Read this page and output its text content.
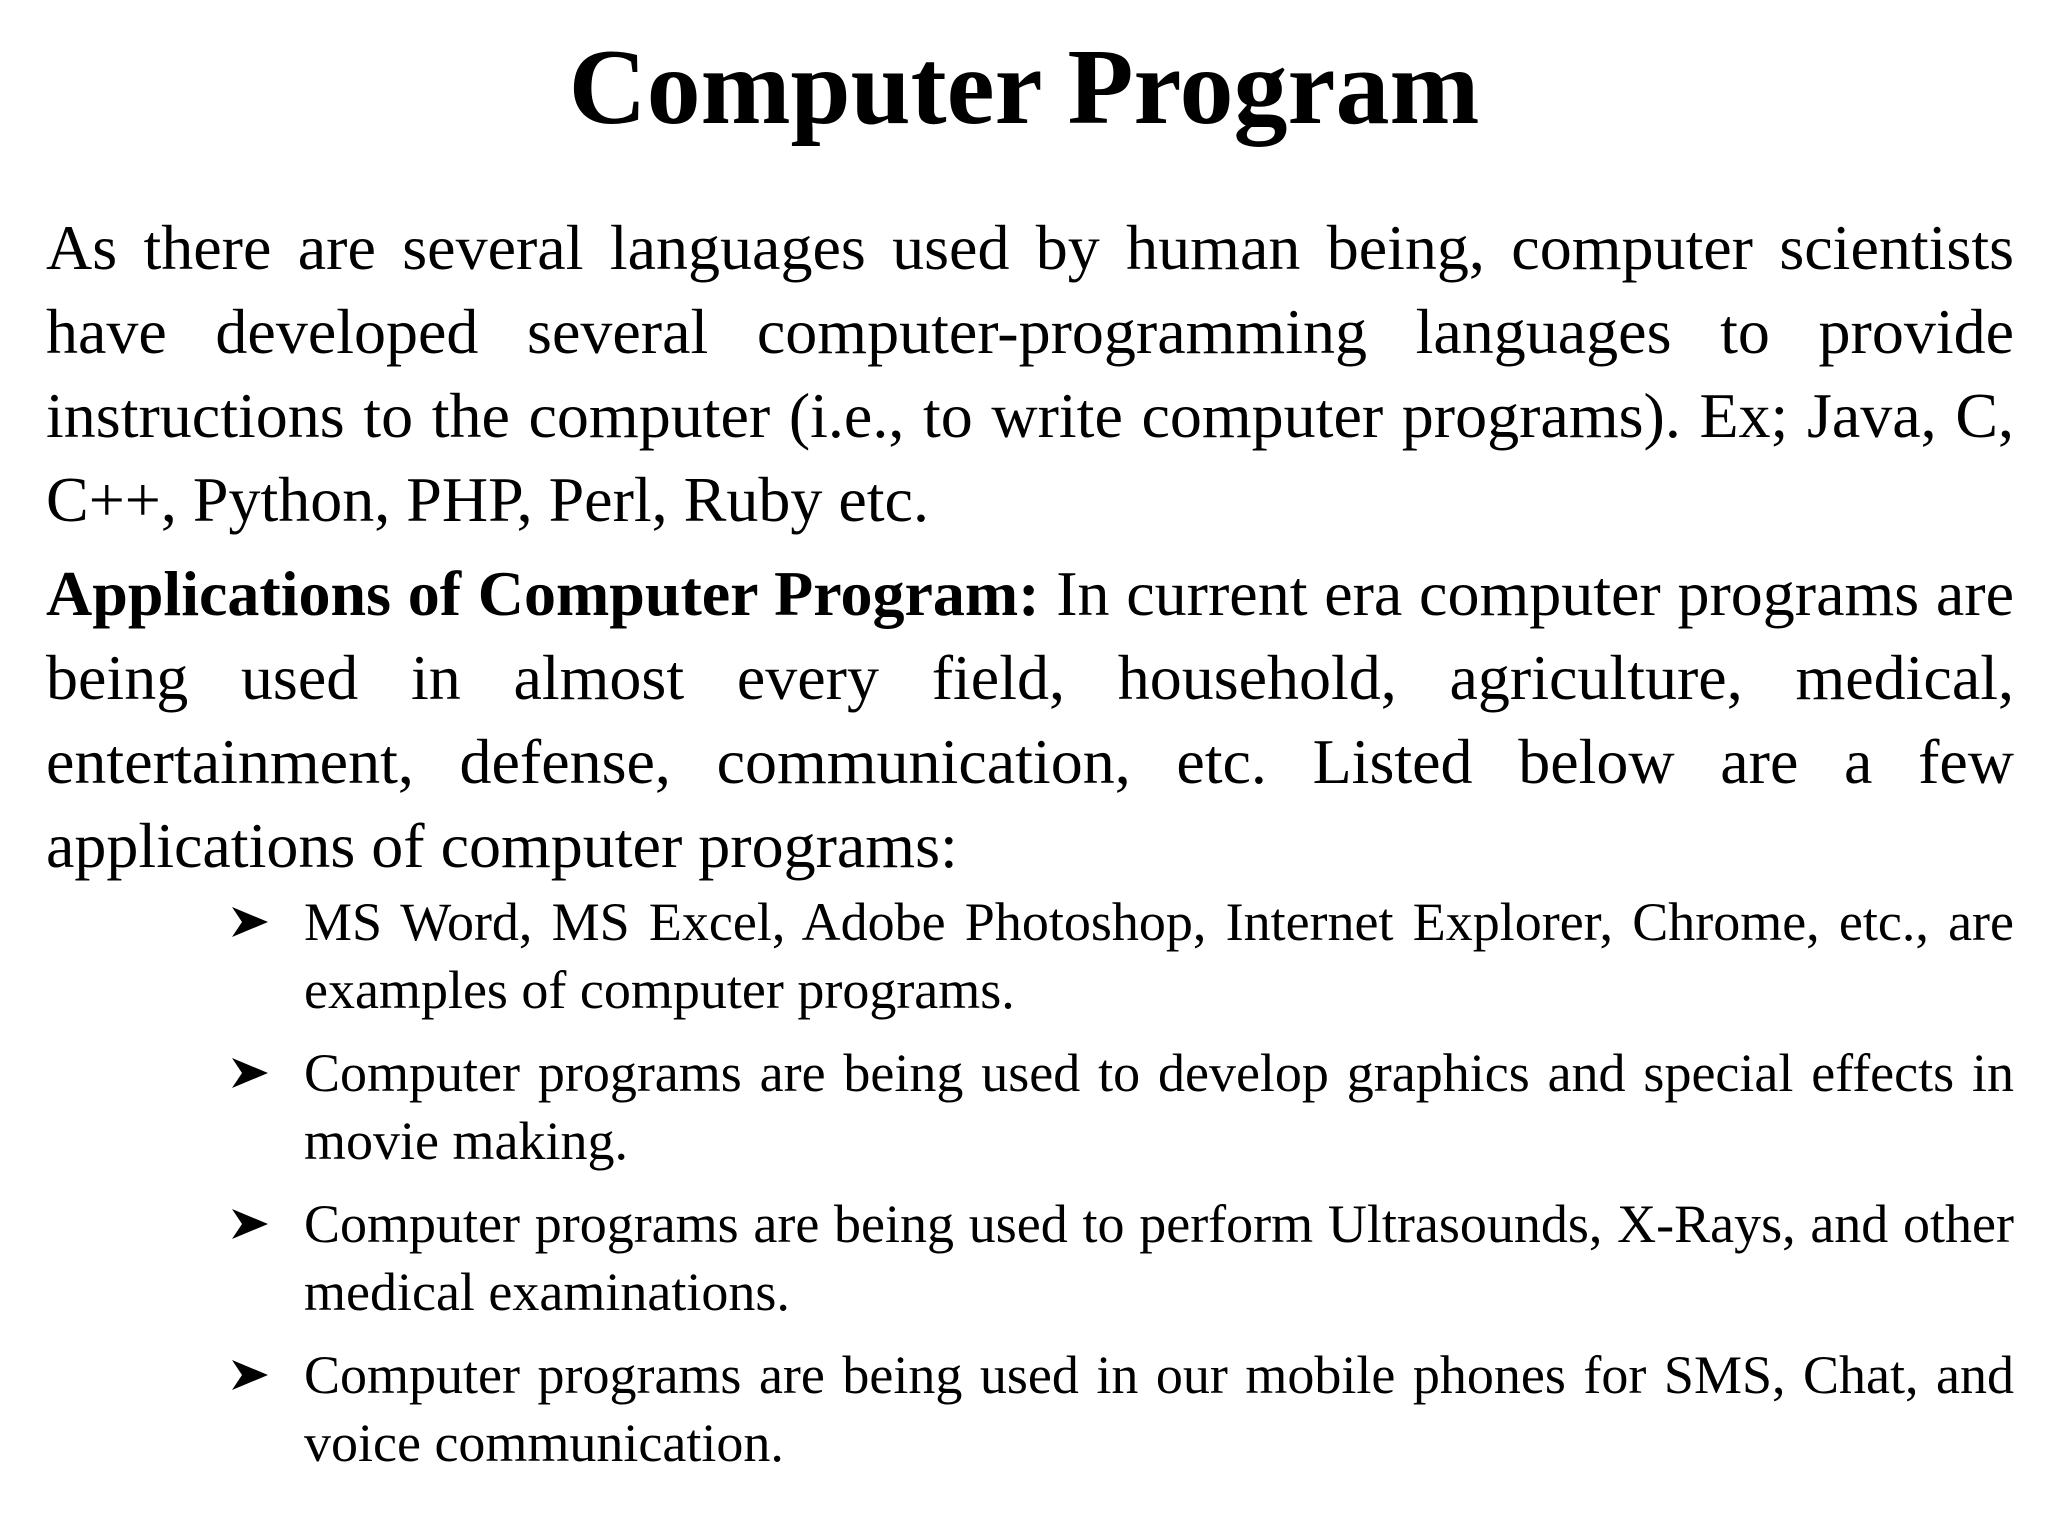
Computer Program

As there are several languages used by human being, computer scientists have developed several computer-programming languages to provide instructions to the computer (i.e., to write computer programs). Ex; Java, C, C++, Python, PHP, Perl, Ruby etc.

Applications of Computer Program: In current era computer programs are being used in almost every field, household, agriculture, medical, entertainment, defense, communication, etc. Listed below are a few applications of computer programs:

MS Word, MS Excel, Adobe Photoshop, Internet Explorer, Chrome, etc., are examples of computer programs.
Computer programs are being used to develop graphics and special effects in movie making.
Computer programs are being used to perform Ultrasounds, X-Rays, and other medical examinations.
Computer programs are being used in our mobile phones for SMS, Chat, and voice communication.
